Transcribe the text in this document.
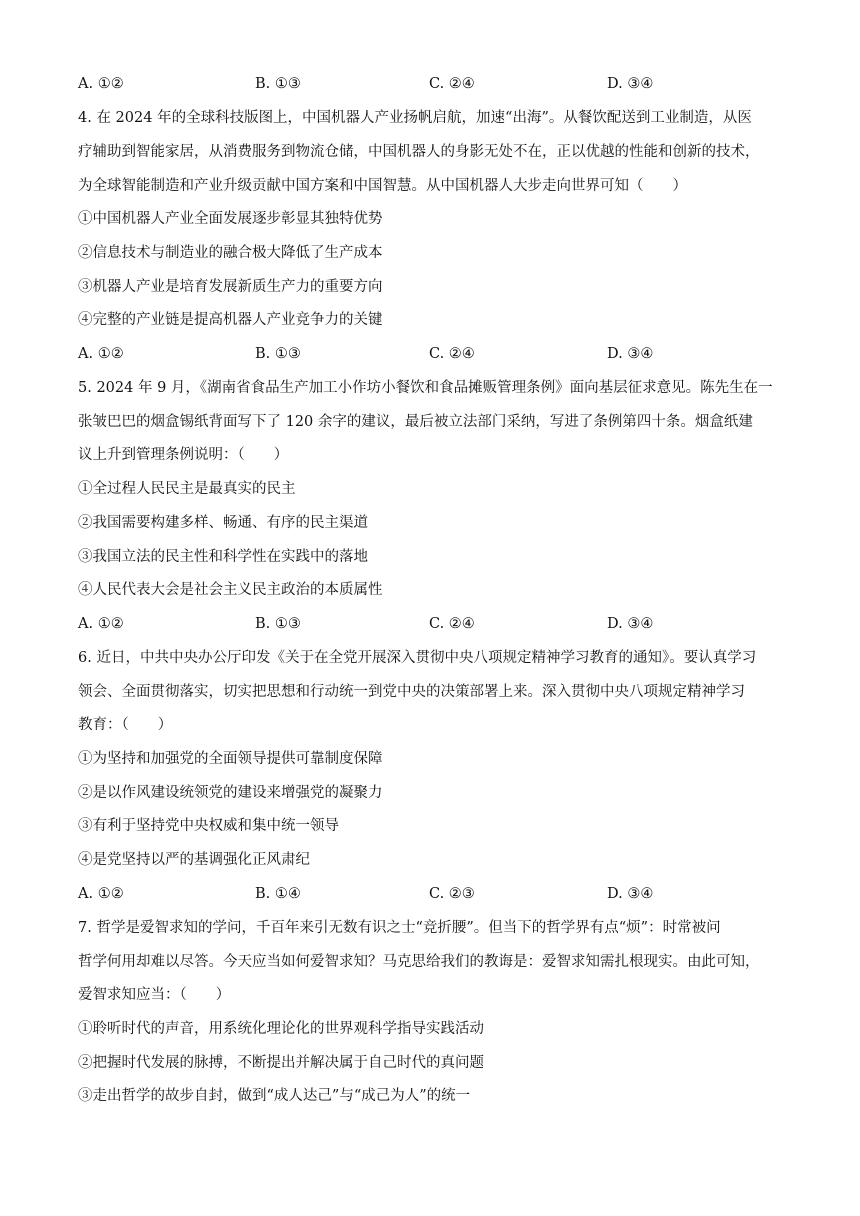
A. ①②	B. ①③	C. ②④	D. ③④
4. 在 2024 年的全球科技版图上，中国机器人产业扬帆启航，加速“出海”。从餐饮配送到工业制造，从医
疗辅助到智能家居，从消费服务到物流仓储，中国机器人的身影无处不在，正以优越的性能和创新的技术，
为全球智能制造和产业升级贡献中国方案和中国智慧。从中国机器人大步走向世界可知（　　）
①中国机器人产业全面发展逐步彰显其独特优势
②信息技术与制造业的融合极大降低了生产成本
③机器人产业是培育发展新质生产力的重要方向
④完整的产业链是提高机器人产业竞争力的关键
A. ①②	B. ①③	C. ②④	D. ③④
5. 2024 年 9 月，《湖南省食品生产加工小作坊小餐饮和食品摊贩管理条例》面向基层征求意见。陈先生在一
张皱巴巴的烟盒锡纸背面写下了 120 余字的建议，最后被立法部门采纳，写进了条例第四十条。烟盒纸建
议上升到管理条例说明：（　　）
①全过程人民民主是最真实的民主
②我国需要构建多样、畅通、有序的民主渠道
③我国立法的民主性和科学性在实践中的落地
④人民代表大会是社会主义民主政治的本质属性
A. ①②	B. ①③	C. ②④	D. ③④
6. 近日，中共中央办公厅印发《关于在全党开展深入贯彻中央八项规定精神学习教育的通知》。要认真学习
领会、全面贯彻落实，切实把思想和行动统一到党中央的决策部署上来。深入贯彻中央八项规定精神学习
教育：（　　）
①为坚持和加强党的全面领导提供可靠制度保障
②是以作风建设统领党的建设来增强党的凝聚力
③有利于坚持党中央权威和集中统一领导
④是党坚持以严的基调强化正风肃纪
A. ①②	B. ①④	C. ②③	D. ③④
7. 哲学是爱智求知的学问，千百年来引无数有识之士“竞折腰”。但当下的哲学界有点“烦”：时常被问
哲学何用却难以尽答。今天应当如何爱智求知？马克思给我们的教诲是：爱智求知需扎根现实。由此可知，
爱智求知应当：（　　）
①聆听时代的声音，用系统化理论化的世界观科学指导实践活动
②把握时代发展的脉搏，不断提出并解决属于自己时代的真问题
③走出哲学的故步自封，做到“成人达己”与“成己为人”的统一
